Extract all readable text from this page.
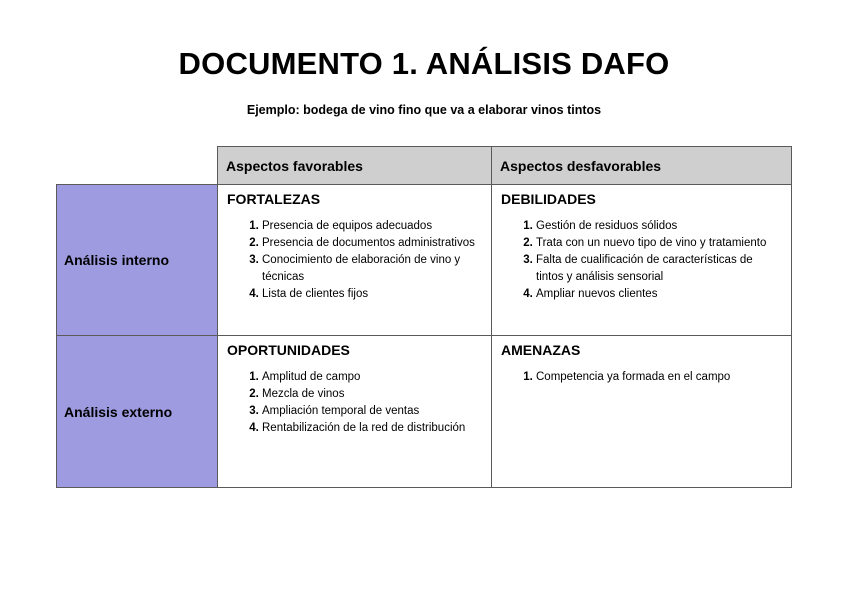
DOCUMENTO 1. ANÁLISIS DAFO
Ejemplo: bodega de vino fino que va a elaborar vinos tintos
Aspectos favorables	Aspectos desfavorables
Análisis interno
Análisis externo
FORTALEZAS
1. Presencia de equipos adecuados
2. Presencia de documentos administrativos
3. Conocimiento de elaboración de vino y técnicas
4. Lista de clientes fijos
DEBILIDADES
1. Gestión de residuos sólidos
2. Trata con un nuevo tipo de vino y tratamiento
3. Falta de cualificación de características de tintos y análisis sensorial
4. Ampliar nuevos clientes
OPORTUNIDADES
1. Amplitud de campo
2. Mezcla de vinos
3. Ampliación temporal de ventas
4. Rentabilización de la red de distribución
AMENAZAS
1. Competencia ya formada en el campo
